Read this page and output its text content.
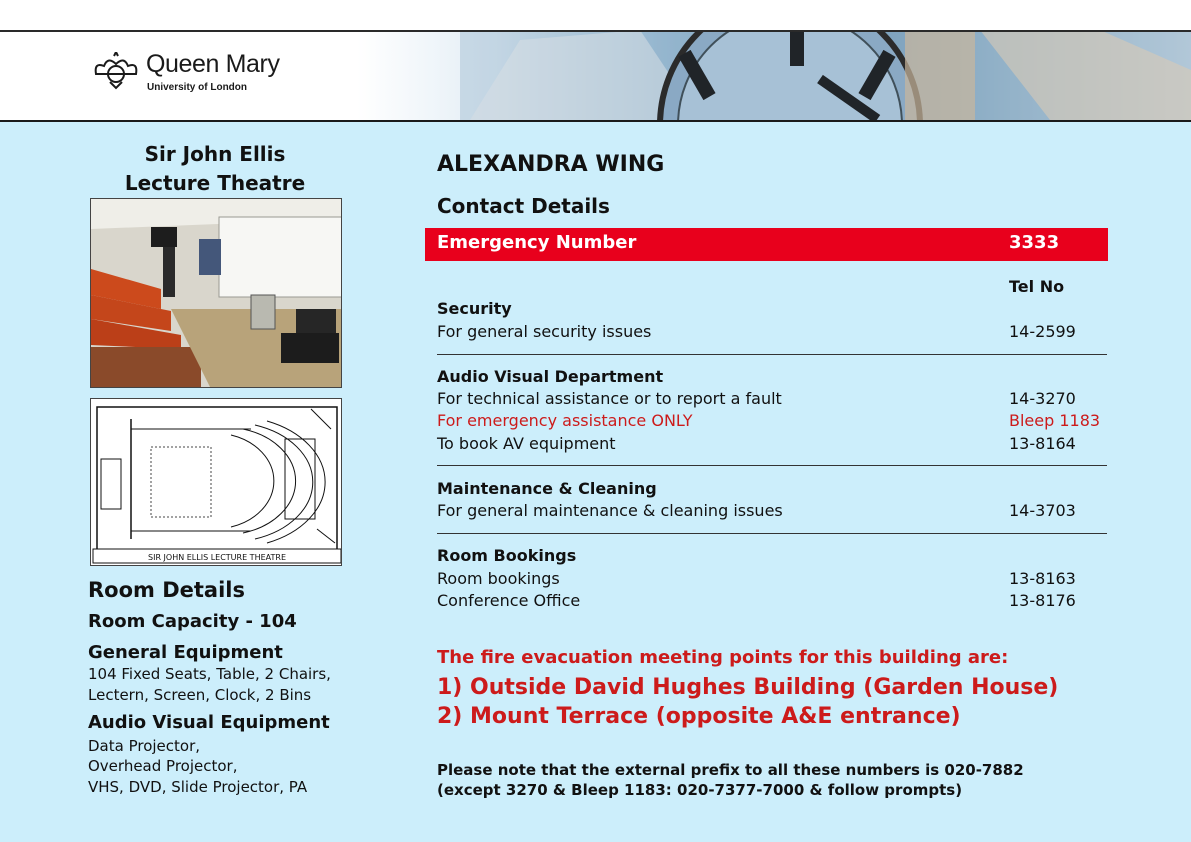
Queen Mary
University of London
Sir John Ellis
Lecture Theatre
SIR JOHN ELLIS LECTURE THEATRE
Room Details
Room Capacity - 104
General Equipment
104 Fixed Seats, Table, 2 Chairs,
Lectern, Screen, Clock, 2 Bins
Audio Visual Equipment
Data Projector,
Overhead Projector,
VHS, DVD, Slide Projector, PA
ALEXANDRA WING
Contact Details
Emergency Number	3333
Tel No
Security
For general security issues	14-2599
Audio Visual Department
For technical assistance or to report a fault	14-3270
For emergency assistance ONLY	Bleep 1183
To book AV equipment	13-8164
Maintenance & Cleaning
For general maintenance & cleaning issues	14-3703
Room Bookings
Room bookings	13-8163
Conference Office	13-8176
The fire evacuation meeting points for this building are:
1) Outside David Hughes Building (Garden House)
2) Mount Terrace (opposite A&E entrance)
Please note that the external prefix to all these numbers is 020-7882
(except 3270 & Bleep 1183: 020-7377-7000 & follow prompts)
